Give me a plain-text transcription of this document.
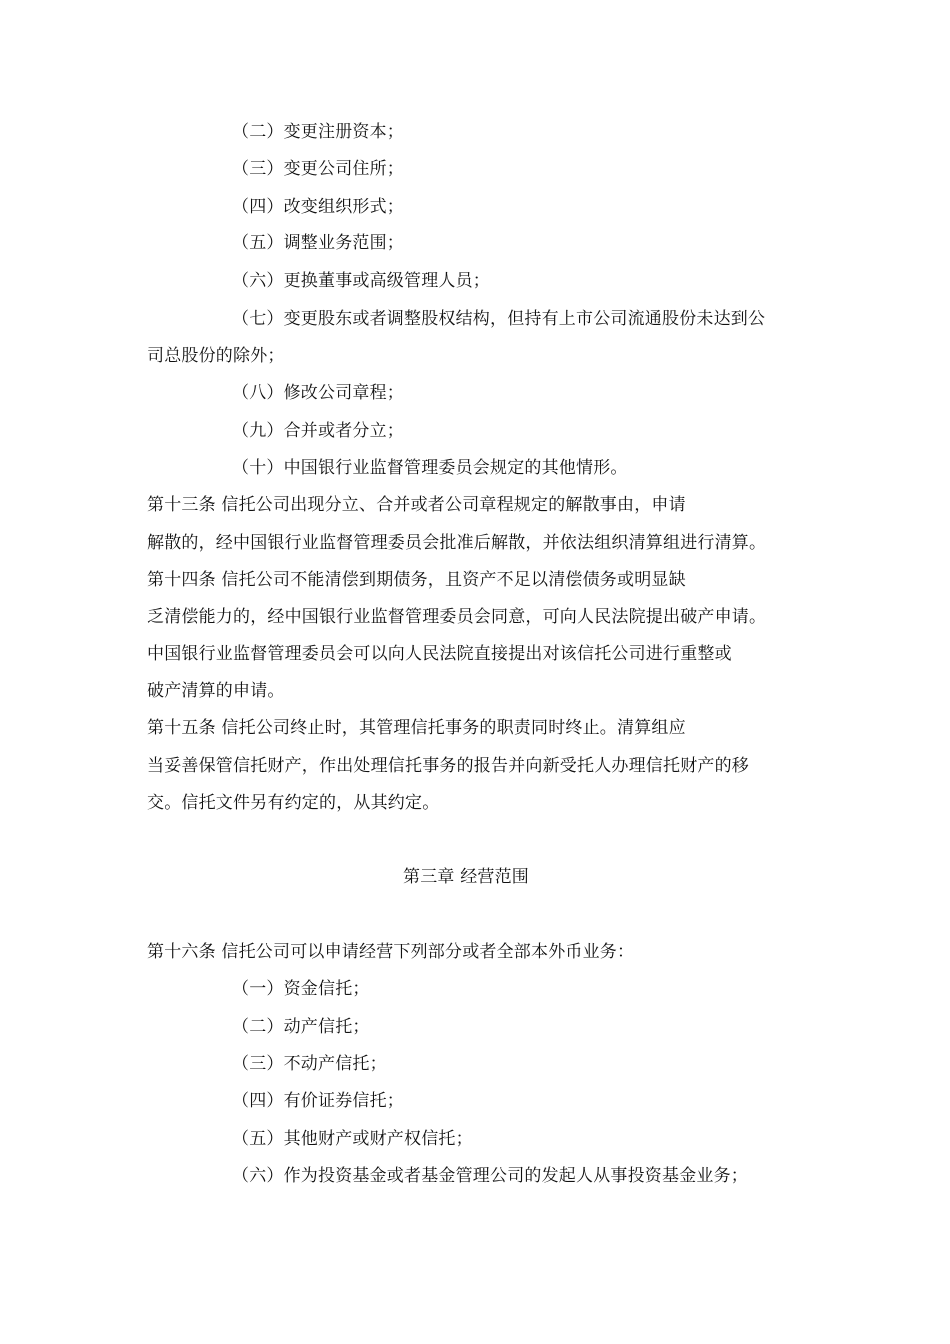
（二）变更注册资本；
（三）变更公司住所；
（四）改变组织形式；
（五）调整业务范围；
（六）更换董事或高级管理人员；
（七）变更股东或者调整股权结构，但持有上市公司流通股份未达到公
司总股份的除外；
（八）修改公司章程；
（九）合并或者分立；
（十）中国银行业监督管理委员会规定的其他情形。
第十三条 信托公司出现分立、合并或者公司章程规定的解散事由，申请
解散的，经中国银行业监督管理委员会批准后解散，并依法组织清算组进行清算。
第十四条 信托公司不能清偿到期债务，且资产不足以清偿债务或明显缺
乏清偿能力的，经中国银行业监督管理委员会同意，可向人民法院提出破产申请。
中国银行业监督管理委员会可以向人民法院直接提出对该信托公司进行重整或
破产清算的申请。
第十五条 信托公司终止时，其管理信托事务的职责同时终止。清算组应
当妥善保管信托财产，作出处理信托事务的报告并向新受托人办理信托财产的移
交。信托文件另有约定的，从其约定。
第三章 经营范围
第十六条 信托公司可以申请经营下列部分或者全部本外币业务：
（一）资金信托；
（二）动产信托；
（三）不动产信托；
（四）有价证券信托；
（五）其他财产或财产权信托；
（六）作为投资基金或者基金管理公司的发起人从事投资基金业务；
